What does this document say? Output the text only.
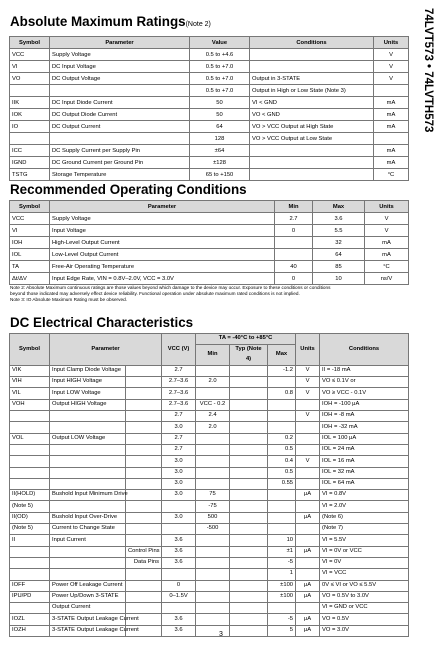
74LVT573 • 74LVTH573
Absolute Maximum Ratings(Note 2)
Symbol	Parameter	Value	Conditions	Units
VCC	Supply Voltage	0.5 to +4.6		V
VI	DC Input Voltage	0.5 to +7.0		V
VO	DC Output Voltage	0.5 to +7.0	Output in 3-STATE	V
		0.5 to +7.0	Output in High or Low State (Note 3)	
IIK	DC Input Diode Current	50	VI < GND	mA
IOK	DC Output Diode Current	50	VO < GND	mA
IO	DC Output Current	64	VO > VCC Output at High State	mA
		128	VO > VCC Output at Low State	
ICC	DC Supply Current per Supply Pin	±64		mA
IGND	DC Ground Current per Ground Pin	±128		mA
TSTG	Storage Temperature	65 to +150		°C
Recommended Operating Conditions
Symbol	Parameter	Min	Max	Units
VCC	Supply Voltage	2.7	3.6	V
VI	Input Voltage	0	5.5	V
IOH	High-Level Output Current		32	mA
IOL	Low-Level Output Current		64	mA
TA	Free-Air Operating Temperature	40	85	°C
Δt/ΔV	Input Edge Rate, VIN = 0.8V–2.0V, VCC = 3.0V	0	10	ns/V
Note 2: Absolute Maximum continuous ratings are those values beyond which damage to the device may occur. Exposure to these conditions or conditions
beyond those indicated may adversely effect device reliability. Functional operation under absolute maximum rated conditions is not implied.
Note 3: IO Absolute Maximum Rating must be observed.
DC Electrical Characteristics
Symbol	Parameter		VCC (V)	TA = -40°C to +85°C			Units	Conditions
				Min	Typ (Note 4)	Max		
VIK	Input Clamp Diode Voltage		2.7			-1.2	V	II = -18 mA
VIH	Input HIGH Voltage		2.7–3.6	2.0			V	VO ≤ 0.1V or
VIL	Input LOW Voltage		2.7–3.6			0.8	V	VO ≥ VCC - 0.1V
VOH	Output HIGH Voltage		2.7–3.6	VCC - 0.2				IOH = -100 μA
			2.7	2.4			V	IOH = -8 mA
			3.0	2.0				IOH = -32 mA
VOL	Output LOW Voltage		2.7			0.2		IOL = 100 μA
			2.7			0.5		IOL = 24 mA
			3.0			0.4	V	IOL = 16 mA
			3.0			0.5		IOL = 32 mA
			3.0			0.55		IOL = 64 mA
II(HOLD)	Bushold Input Minimum Drive		3.0	75			μA	VI = 0.8V
(Note 5)				-75				VI = 2.0V
II(OD)	Bushold Input Over-Drive		3.0	500			μA	(Note 6)
(Note 5)	Current to Change State			-500				(Note 7)
II	Input Current		3.6			10		VI = 5.5V
		Control Pins	3.6			±1	μA	VI = 0V or VCC
		Data Pins	3.6			-5		VI = 0V
						1		VI = VCC
IOFF	Power Off Leakage Current		0			±100	μA	0V ≤ VI or VO ≤ 5.5V
IPU/PD	Power Up/Down 3-STATE		0–1.5V			±100	μA	VO = 0.5V to 3.0V
	Output Current							VI = GND or VCC
IOZL	3-STATE Output Leakage Current		3.6			-5	μA	VO = 0.5V
IOZH	3-STATE Output Leakage Current		3.6			5	μA	VO = 3.0V
3
